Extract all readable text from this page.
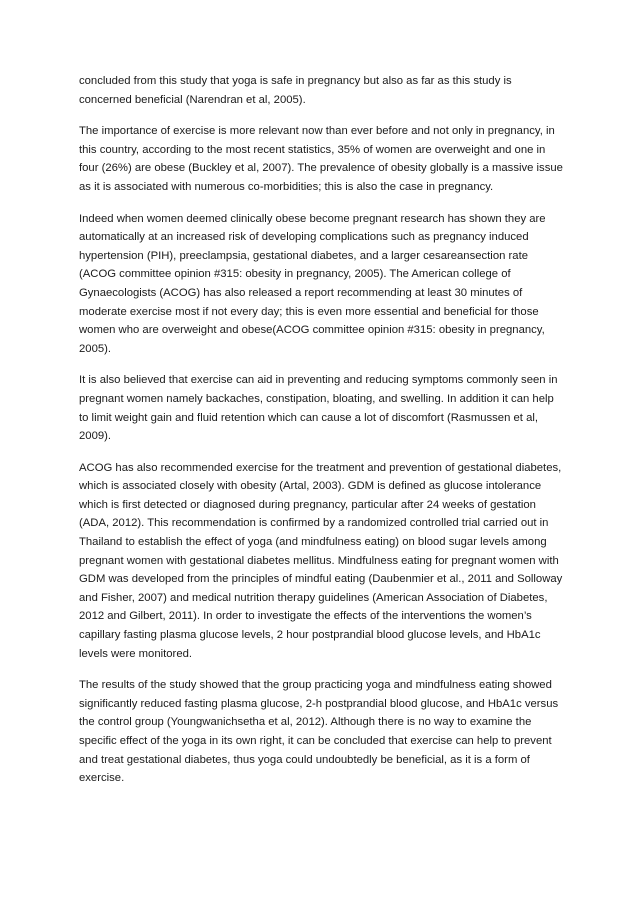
concluded from this study that yoga is safe in pregnancy but also as far as this study is concerned beneficial (Narendran et al, 2005).

The importance of exercise is more relevant now than ever before and not only in pregnancy, in this country, according to the most recent statistics, 35% of women are overweight and one in four (26%) are obese (Buckley et al, 2007). The prevalence of obesity globally is a massive issue as it is associated with numerous co-morbidities; this is also the case in pregnancy.

Indeed when women deemed clinically obese become pregnant research has shown they are automatically at an increased risk of developing complications such as pregnancy induced hypertension (PIH), preeclampsia, gestational diabetes, and a larger cesareansection rate (ACOG committee opinion #315: obesity in pregnancy, 2005). The American college of Gynaecologists (ACOG) has also released a report recommending at least 30 minutes of moderate exercise most if not every day; this is even more essential and beneficial for those women who are overweight and obese(ACOG committee opinion #315: obesity in pregnancy, 2005).

It is also believed that exercise can aid in preventing and reducing symptoms commonly seen in pregnant women namely backaches, constipation, bloating, and swelling. In addition it can help to limit weight gain and fluid retention which can cause a lot of discomfort (Rasmussen et al, 2009).

ACOG has also recommended exercise for the treatment and prevention of gestational diabetes, which is associated closely with obesity (Artal, 2003). GDM is defined as glucose intolerance which is first detected or diagnosed during pregnancy, particular after 24 weeks of gestation (ADA, 2012). This recommendation is confirmed by a randomized controlled trial carried out in Thailand to establish the effect of yoga (and mindfulness eating) on blood sugar levels among pregnant women with gestational diabetes mellitus. Mindfulness eating for pregnant women with GDM was developed from the principles of mindful eating (Daubenmier et al., 2011 and Solloway and Fisher, 2007) and medical nutrition therapy guidelines (American Association of Diabetes, 2012 and Gilbert, 2011). In order to investigate the effects of the interventions the women’s capillary fasting plasma glucose levels, 2 hour postprandial blood glucose levels, and HbA1c levels were monitored.

The results of the study showed that the group practicing yoga and mindfulness eating showed significantly reduced fasting plasma glucose, 2-h postprandial blood glucose, and HbA1c versus the control group (Youngwanichsetha et al, 2012). Although there is no way to examine the specific effect of the yoga in its own right, it can be concluded that exercise can help to prevent and treat gestational diabetes, thus yoga could undoubtedly be beneficial, as it is a form of exercise.
